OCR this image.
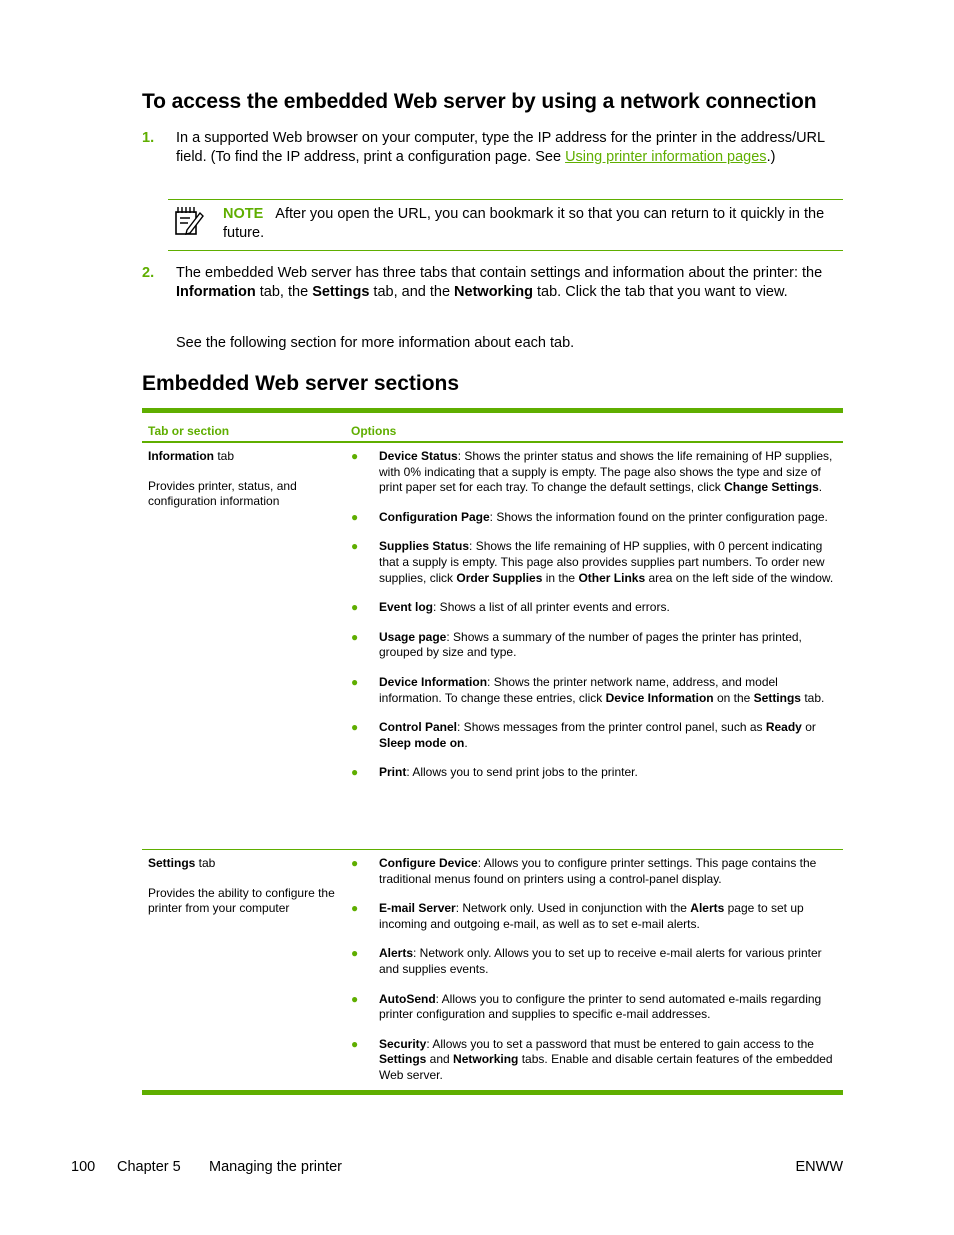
To access the embedded Web server by using a network connection
1. In a supported Web browser on your computer, type the IP address for the printer in the address/URL field. (To find the IP address, print a configuration page. See Using printer information pages.)
NOTE After you open the URL, you can bookmark it so that you can return to it quickly in the future.
2. The embedded Web server has three tabs that contain settings and information about the printer: the Information tab, the Settings tab, and the Networking tab. Click the tab that you want to view.
See the following section for more information about each tab.
Embedded Web server sections
Tab or section	Options
Information tab
Provides printer, status, and configuration information
● Device Status: Shows the printer status and shows the life remaining of HP supplies, with 0% indicating that a supply is empty. The page also shows the type and size of print paper set for each tray. To change the default settings, click Change Settings.
● Configuration Page: Shows the information found on the printer configuration page.
● Supplies Status: Shows the life remaining of HP supplies, with 0 percent indicating that a supply is empty. This page also provides supplies part numbers. To order new supplies, click Order Supplies in the Other Links area on the left side of the window.
● Event log: Shows a list of all printer events and errors.
● Usage page: Shows a summary of the number of pages the printer has printed, grouped by size and type.
● Device Information: Shows the printer network name, address, and model information. To change these entries, click Device Information on the Settings tab.
● Control Panel: Shows messages from the printer control panel, such as Ready or Sleep mode on.
● Print: Allows you to send print jobs to the printer.
Settings tab
Provides the ability to configure the printer from your computer
● Configure Device: Allows you to configure printer settings. This page contains the traditional menus found on printers using a control-panel display.
● E-mail Server: Network only. Used in conjunction with the Alerts page to set up incoming and outgoing e-mail, as well as to set e-mail alerts.
● Alerts: Network only. Allows you to set up to receive e-mail alerts for various printer and supplies events.
● AutoSend: Allows you to configure the printer to send automated e-mails regarding printer configuration and supplies to specific e-mail addresses.
● Security: Allows you to set a password that must be entered to gain access to the Settings and Networking tabs. Enable and disable certain features of the embedded Web server.
100 Chapter 5 Managing the printer	ENWW
